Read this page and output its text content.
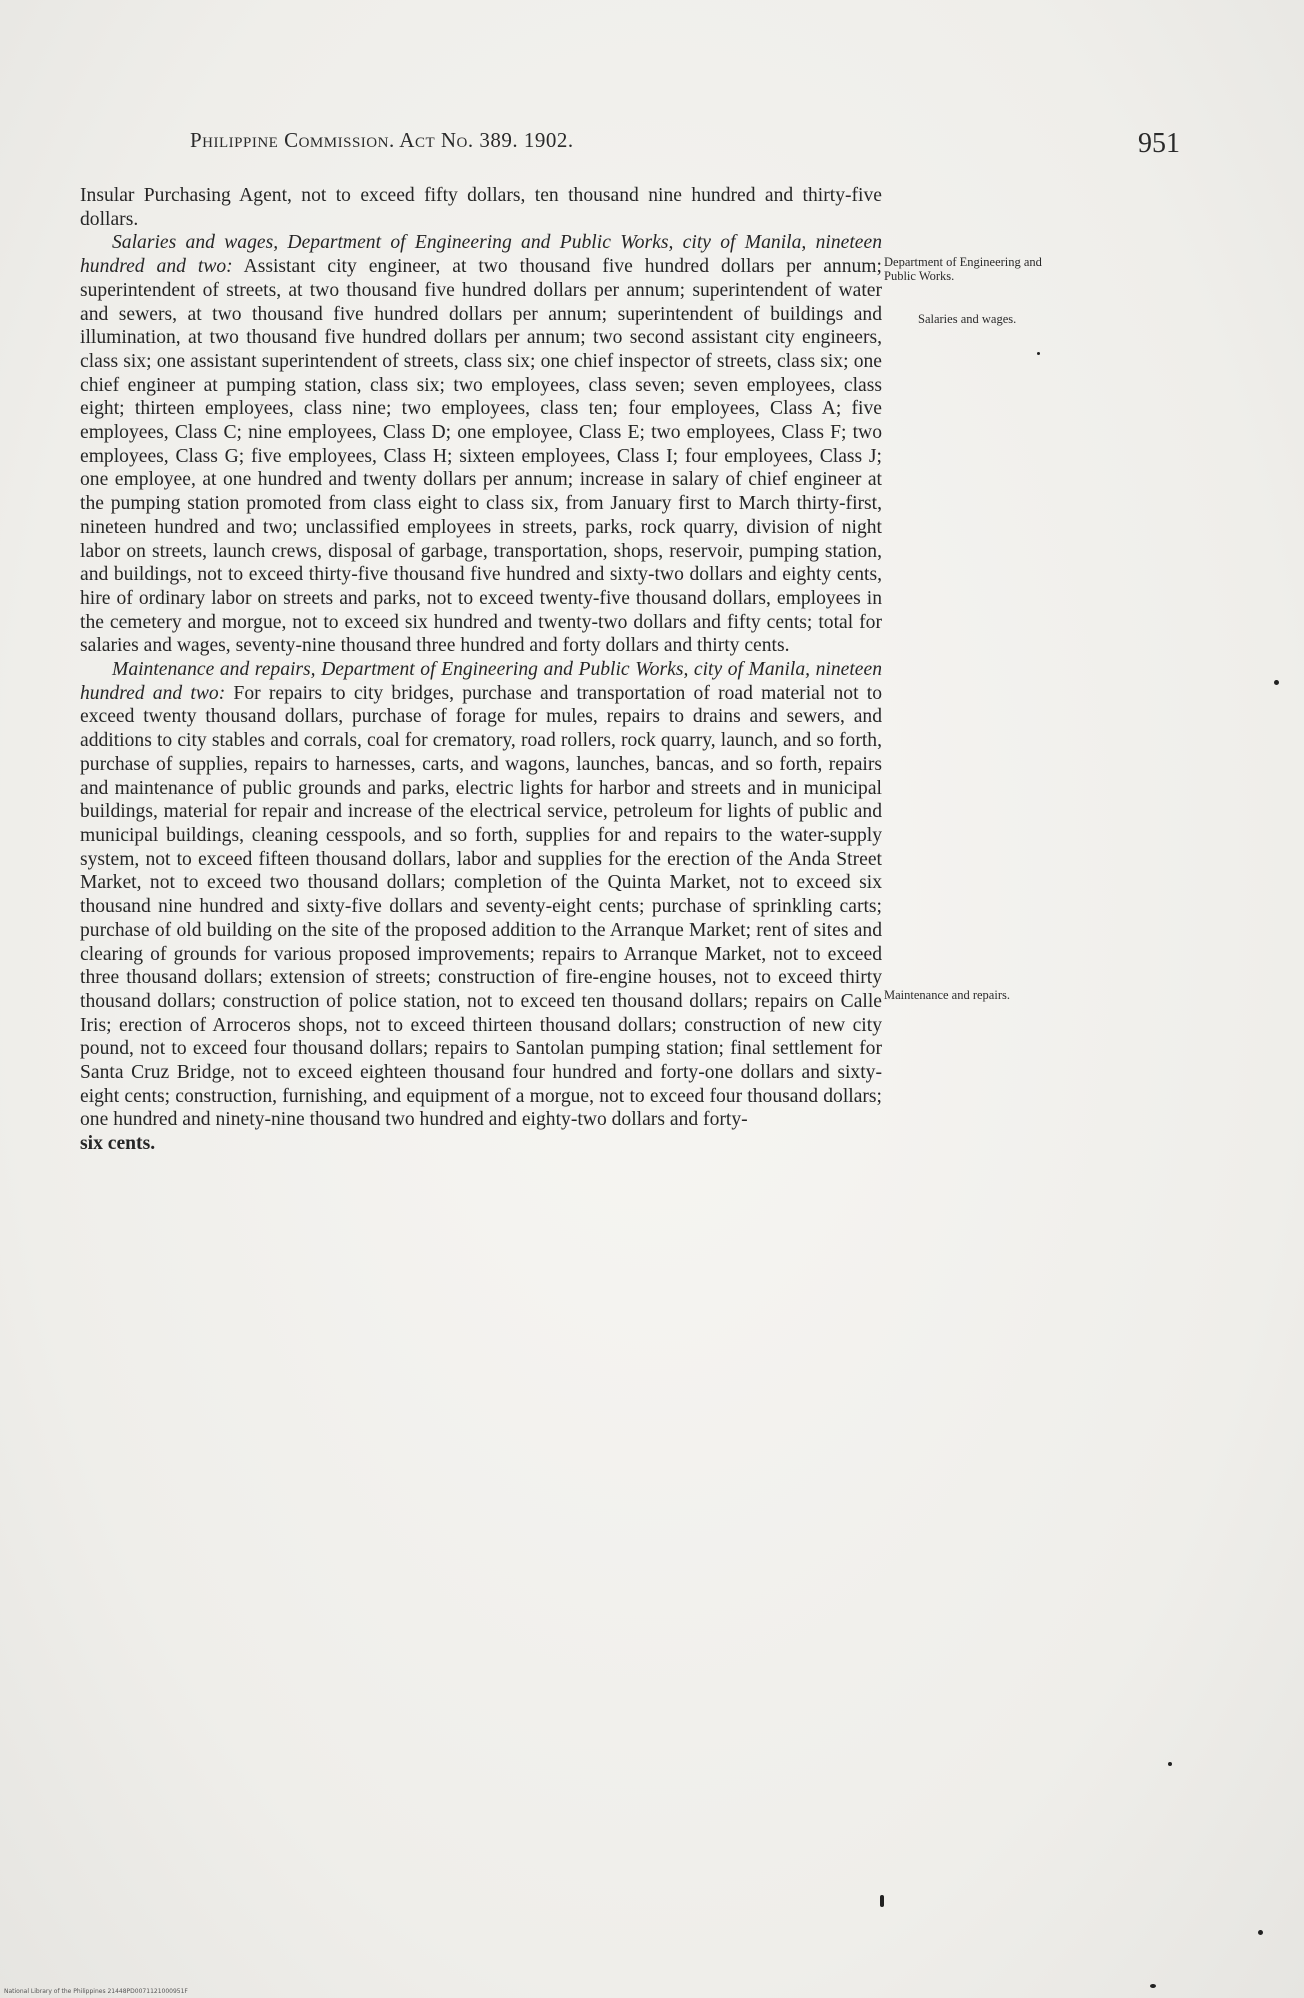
Philippine Commission. Act No. 389. 1902.	951

Insular Purchasing Agent, not to exceed fifty dollars, ten thousand nine hundred and thirty-five dollars.

Salaries and wages, Department of Engineering and Public Works, city of Manila, nineteen hundred and two: Assistant city engineer, at two thousand five hundred dollars per annum; superintendent of streets, at two thousand five hundred dollars per annum; superintendent of water and sewers, at two thousand five hundred dollars per annum; superintendent of buildings and illumination, at two thousand five hundred dollars per annum; two second assistant city engineers, class six; one assistant superintendent of streets, class six; one chief inspector of streets, class six; one chief engineer at pumping station, class six; two employees, class seven; seven employees, class eight; thirteen employees, class nine; two employees, class ten; four employees, Class A; five employees, Class C; nine employees, Class D; one employee, Class E; two employees, Class F; two employees, Class G; five employees, Class H; sixteen employees, Class I; four employees, Class J; one employee, at one hundred and twenty dollars per annum; increase in salary of chief engineer at the pumping station promoted from class eight to class six, from January first to March thirty-first, nineteen hundred and two; unclassified employees in streets, parks, rock quarry, division of night labor on streets, launch crews, disposal of garbage, transportation, shops, reservoir, pumping station, and buildings, not to exceed thirty-five thousand five hundred and sixty-two dollars and eighty cents, hire of ordinary labor on streets and parks, not to exceed twenty-five thousand dollars, employees in the cemetery and morgue, not to exceed six hundred and twenty-two dollars and fifty cents; total for salaries and wages, seventy-nine thousand three hundred and forty dollars and thirty cents.

Maintenance and repairs, Department of Engineering and Public Works, city of Manila, nineteen hundred and two: For repairs to city bridges, purchase and transportation of road material not to exceed twenty thousand dollars, purchase of forage for mules, repairs to drains and sewers, and additions to city stables and corrals, coal for crematory, road rollers, rock quarry, launch, and so forth, purchase of supplies, repairs to harnesses, carts, and wagons, launches, bancas, and so forth, repairs and maintenance of public grounds and parks, electric lights for harbor and streets and in municipal buildings, material for repair and increase of the electrical service, petroleum for lights of public and municipal buildings, cleaning cesspools, and so forth, supplies for and repairs to the water-supply system, not to exceed fifteen thousand dollars, labor and supplies for the erection of the Anda Street Market, not to exceed two thousand dollars; completion of the Quinta Market, not to exceed six thousand nine hundred and sixty-five dollars and seventy-eight cents; purchase of sprinkling carts; purchase of old building on the site of the proposed addition to the Arranque Market; rent of sites and clearing of grounds for various proposed improvements; repairs to Arranque Market, not to exceed three thousand dollars; extension of streets; construction of fire-engine houses, not to exceed thirty thousand dollars; construction of police station, not to exceed ten thousand dollars; repairs on Calle Iris; erection of Arroceros shops, not to exceed thirteen thousand dollars; construction of new city pound, not to exceed four thousand dollars; repairs to Santolan pumping station; final settlement for Santa Cruz Bridge, not to exceed eighteen thousand four hundred and forty-one dollars and sixty-eight cents; construction, furnishing, and equipment of a morgue, not to exceed four thousand dollars; one hundred and ninety-nine thousand two hundred and eighty-two dollars and forty-
six cents.

Department of Engineering and Public Works.
Salaries and wages.
Maintenance and repairs.
National Library of the Philippines 21448PD0071121000951F
